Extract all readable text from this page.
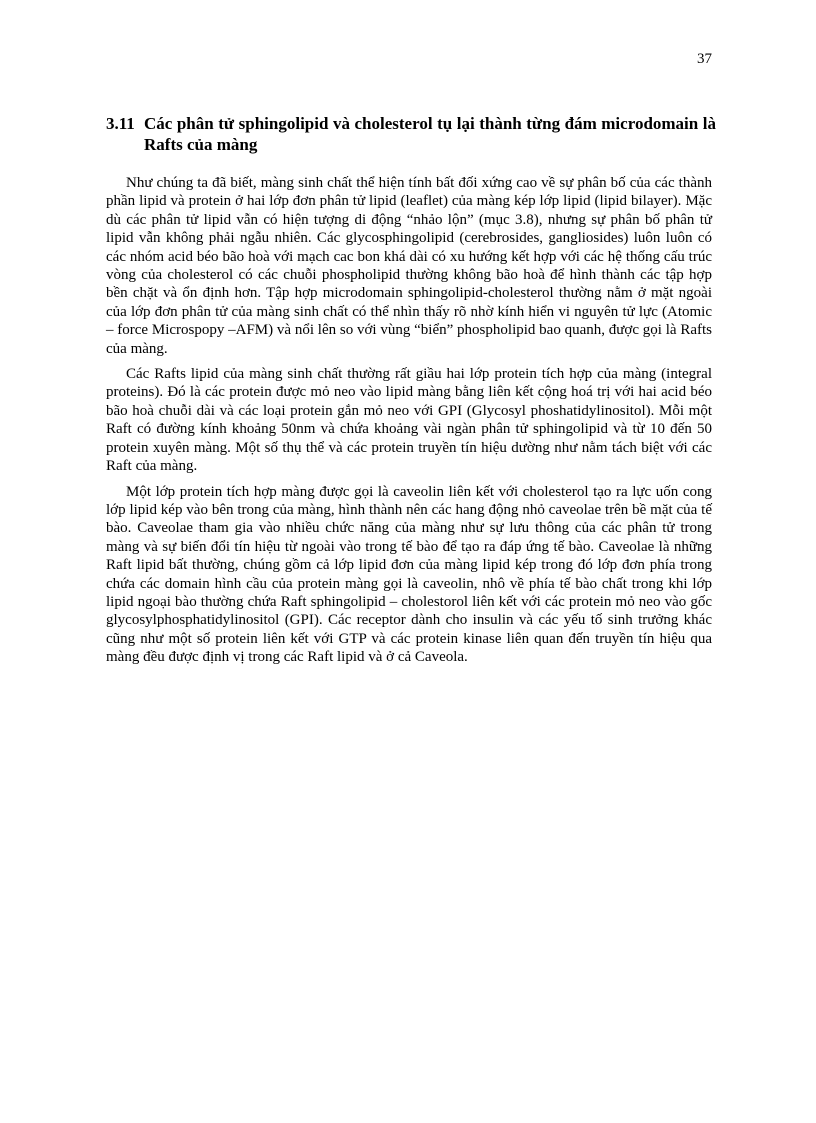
37
3.11 Các phân tử sphingolipid và cholesterol tụ lại thành từng đám microdomain là Rafts của màng

Như chúng ta đã biết, màng sinh chất thể hiện tính bất đối xứng cao về sự phân bố của các thành phần lipid và protein ở hai lớp đơn phân tử lipid (leaflet) của màng kép lớp lipid (lipid bilayer). Mặc dù các phân tử lipid vẫn có hiện tượng di động “nhảo lộn” (mục 3.8), nhưng sự phân bố phân tử lipid vẫn không phải ngẫu nhiên. Các glycosphingolipid (cerebrosides, gangliosides) luôn luôn có các nhóm acid béo bão hoà với mạch cac bon khá dài có xu hướng kết hợp với các hệ thống cấu trúc vòng của cholesterol có các chuỗi phospholipid thường không bão hoà để hình thành các tập hợp bền chặt và ổn định hơn. Tập hợp microdomain sphingolipid-cholesterol thường nằm ở mặt ngoài của lớp đơn phân tử của màng sinh chất có thể nhìn thấy rõ nhờ kính hiển vi nguyên tử lực (Atomic – force Microspopy –AFM) và nổi lên so với vùng “biển” phospholipid bao quanh, được gọi là Rafts của màng.

Các Rafts lipid của màng sinh chất thường rất giầu hai lớp protein tích hợp của màng (integral proteins). Đó là các protein được mỏ neo vào lipid màng bằng liên kết cộng hoá trị với hai acid béo bão hoà chuỗi dài và các loại protein gắn mỏ neo với GPI (Glycosyl phoshatidylinositol). Mỗi một Raft có đường kính khoảng 50nm và chứa khoảng vài ngàn phân tử sphingolipid và từ 10 đến 50 protein xuyên màng. Một số thụ thể và các protein truyền tín hiệu dường như nằm tách biệt với các Raft của màng.

Một lớp protein tích hợp màng được gọi là caveolin liên kết với cholesterol tạo ra lực uốn cong lớp lipid kép vào bên trong của màng, hình thành nên các hang động nhỏ caveolae trên bề mặt của tế bào. Caveolae tham gia vào nhiều chức năng của màng như sự lưu thông của các phân tử trong màng và sự biến đổi tín hiệu từ ngoài vào trong tế bào để tạo ra đáp ứng tế bào. Caveolae là những Raft lipid bất thường, chúng gồm cả lớp lipid đơn của màng lipid kép trong đó lớp đơn phía trong chứa các domain hình cầu của protein màng gọi là caveolin, nhô về phía tế bào chất trong khi lớp lipid ngoại bào thường chứa Raft sphingolipid – cholestorol liên kết với các protein mỏ neo vào gốc glycosylphosphatidylinositol (GPI). Các receptor dành cho insulin và các yếu tố sinh trưởng khác cũng như một số protein liên kết với GTP và các protein kinase liên quan đến truyền tín hiệu qua màng đều được định vị trong các Raft lipid và ở cả Caveola.
